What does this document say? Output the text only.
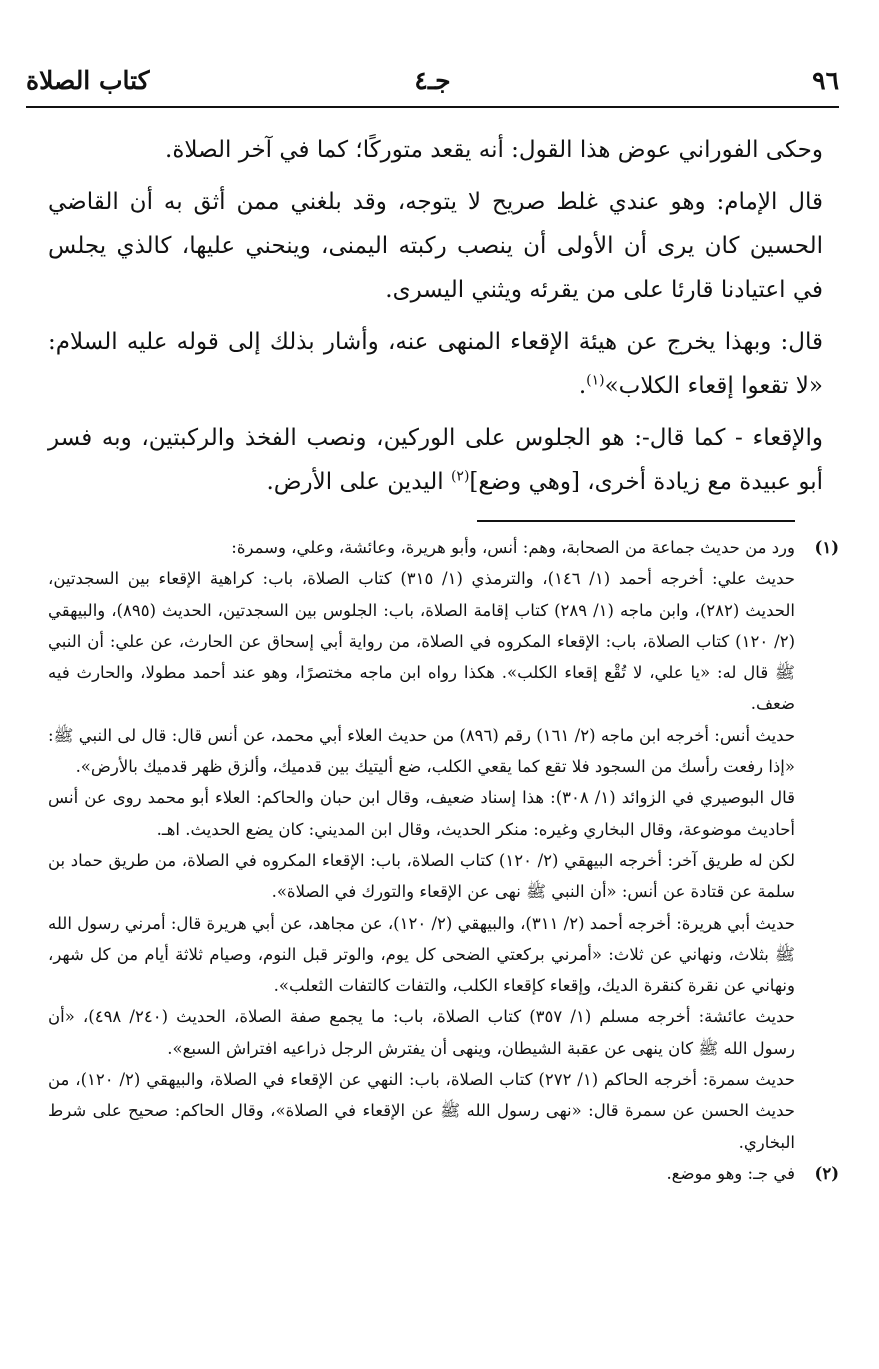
٩٦
جـ٤
كتاب الصلاة

وحكى الفوراني عوض هذا القول: أنه يقعد متوركًا؛ كما في آخر الصلاة.

قال الإمام: وهو عندي غلط صريح لا يتوجه، وقد بلغني ممن أثق به أن القاضي الحسين كان يرى أن الأولى أن ينصب ركبته اليمنى، وينحني عليها، كالذي يجلس في اعتيادنا قارئا على من يقرئه ويثني اليسرى.

قال: وبهذا يخرج عن هيئة الإقعاء المنهى عنه، وأشار بذلك إلى قوله عليه السلام: «لا تقعوا إقعاء الكلاب»$^{(١)}$.

والإقعاء - كما قال-: هو الجلوس على الوركين، ونصب الفخذ والركبتين، وبه فسر أبو عبيدة مع زيادة أخرى، [وهي وضع]$^{(٢)}$ اليدين على الأرض.

(١)

ورد من حديث جماعة من الصحابة، وهم: أنس، وأبو هريرة، وعائشة، وعلي، وسمرة:

حديث علي: أخرجه أحمد (١/ ١٤٦)، والترمذي (١/ ٣١٥) كتاب الصلاة، باب: كراهية الإقعاء بين السجدتين، الحديث (٢٨٢)، وابن ماجه (١/ ٢٨٩) كتاب إقامة الصلاة، باب: الجلوس بين السجدتين، الحديث (٨٩٥)، والبيهقي (٢/ ١٢٠) كتاب الصلاة، باب: الإقعاء المكروه في الصلاة، من رواية أبي إسحاق عن الحارث، عن علي: أن النبي ﷺ قال له: «يا علي، لا تُقْع إقعاء الكلب». هكذا رواه ابن ماجه مختصرًا، وهو عند أحمد مطولا، والحارث فيه ضعف.

حديث أنس: أخرجه ابن ماجه (٢/ ١٦١) رقم (٨٩٦) من حديث العلاء أبي محمد، عن أنس قال: قال لى النبي ﷺ: «إذا رفعت رأسك من السجود فلا تقع كما يقعي الكلب، ضع أليتيك بين قدميك، وألزق ظهر قدميك بالأرض».

قال البوصيري في الزوائد (١/ ٣٠٨): هذا إسناد ضعيف، وقال ابن حبان والحاكم: العلاء أبو محمد روى عن أنس أحاديث موضوعة، وقال البخاري وغيره: منكر الحديث، وقال ابن المديني: كان يضع الحديث. اهـ.

لكن له طريق آخر: أخرجه البيهقي (٢/ ١٢٠) كتاب الصلاة، باب: الإقعاء المكروه في الصلاة، من طريق حماد بن سلمة عن قتادة عن أنس: «أن النبي ﷺ نهى عن الإقعاء والتورك في الصلاة».

حديث أبي هريرة: أخرجه أحمد (٢/ ٣١١)، والبيهقي (٢/ ١٢٠)، عن مجاهد، عن أبي هريرة قال: أمرني رسول الله ﷺ بثلاث، ونهاني عن ثلاث: «أمرني بركعتي الضحى كل يوم، والوتر قبل النوم، وصيام ثلاثة أيام من كل شهر، ونهاني عن نقرة كنقرة الديك، وإقعاء كإقعاء الكلب، والتفات كالتفات الثعلب».

حديث عائشة: أخرجه مسلم (١/ ٣٥٧) كتاب الصلاة، باب: ما يجمع صفة الصلاة، الحديث (٢٤٠/ ٤٩٨)، «أن رسول الله ﷺ كان ينهى عن عقبة الشيطان، وينهى أن يفترش الرجل ذراعيه افتراش السبع».

حديث سمرة: أخرجه الحاكم (١/ ٢٧٢) كتاب الصلاة، باب: النهي عن الإقعاء في الصلاة، والبيهقي (٢/ ١٢٠)، من حديث الحسن عن سمرة قال: «نهى رسول الله ﷺ عن الإقعاء في الصلاة»، وقال الحاكم: صحيح على شرط البخاري.

(٢)

في جـ: وهو موضع.
